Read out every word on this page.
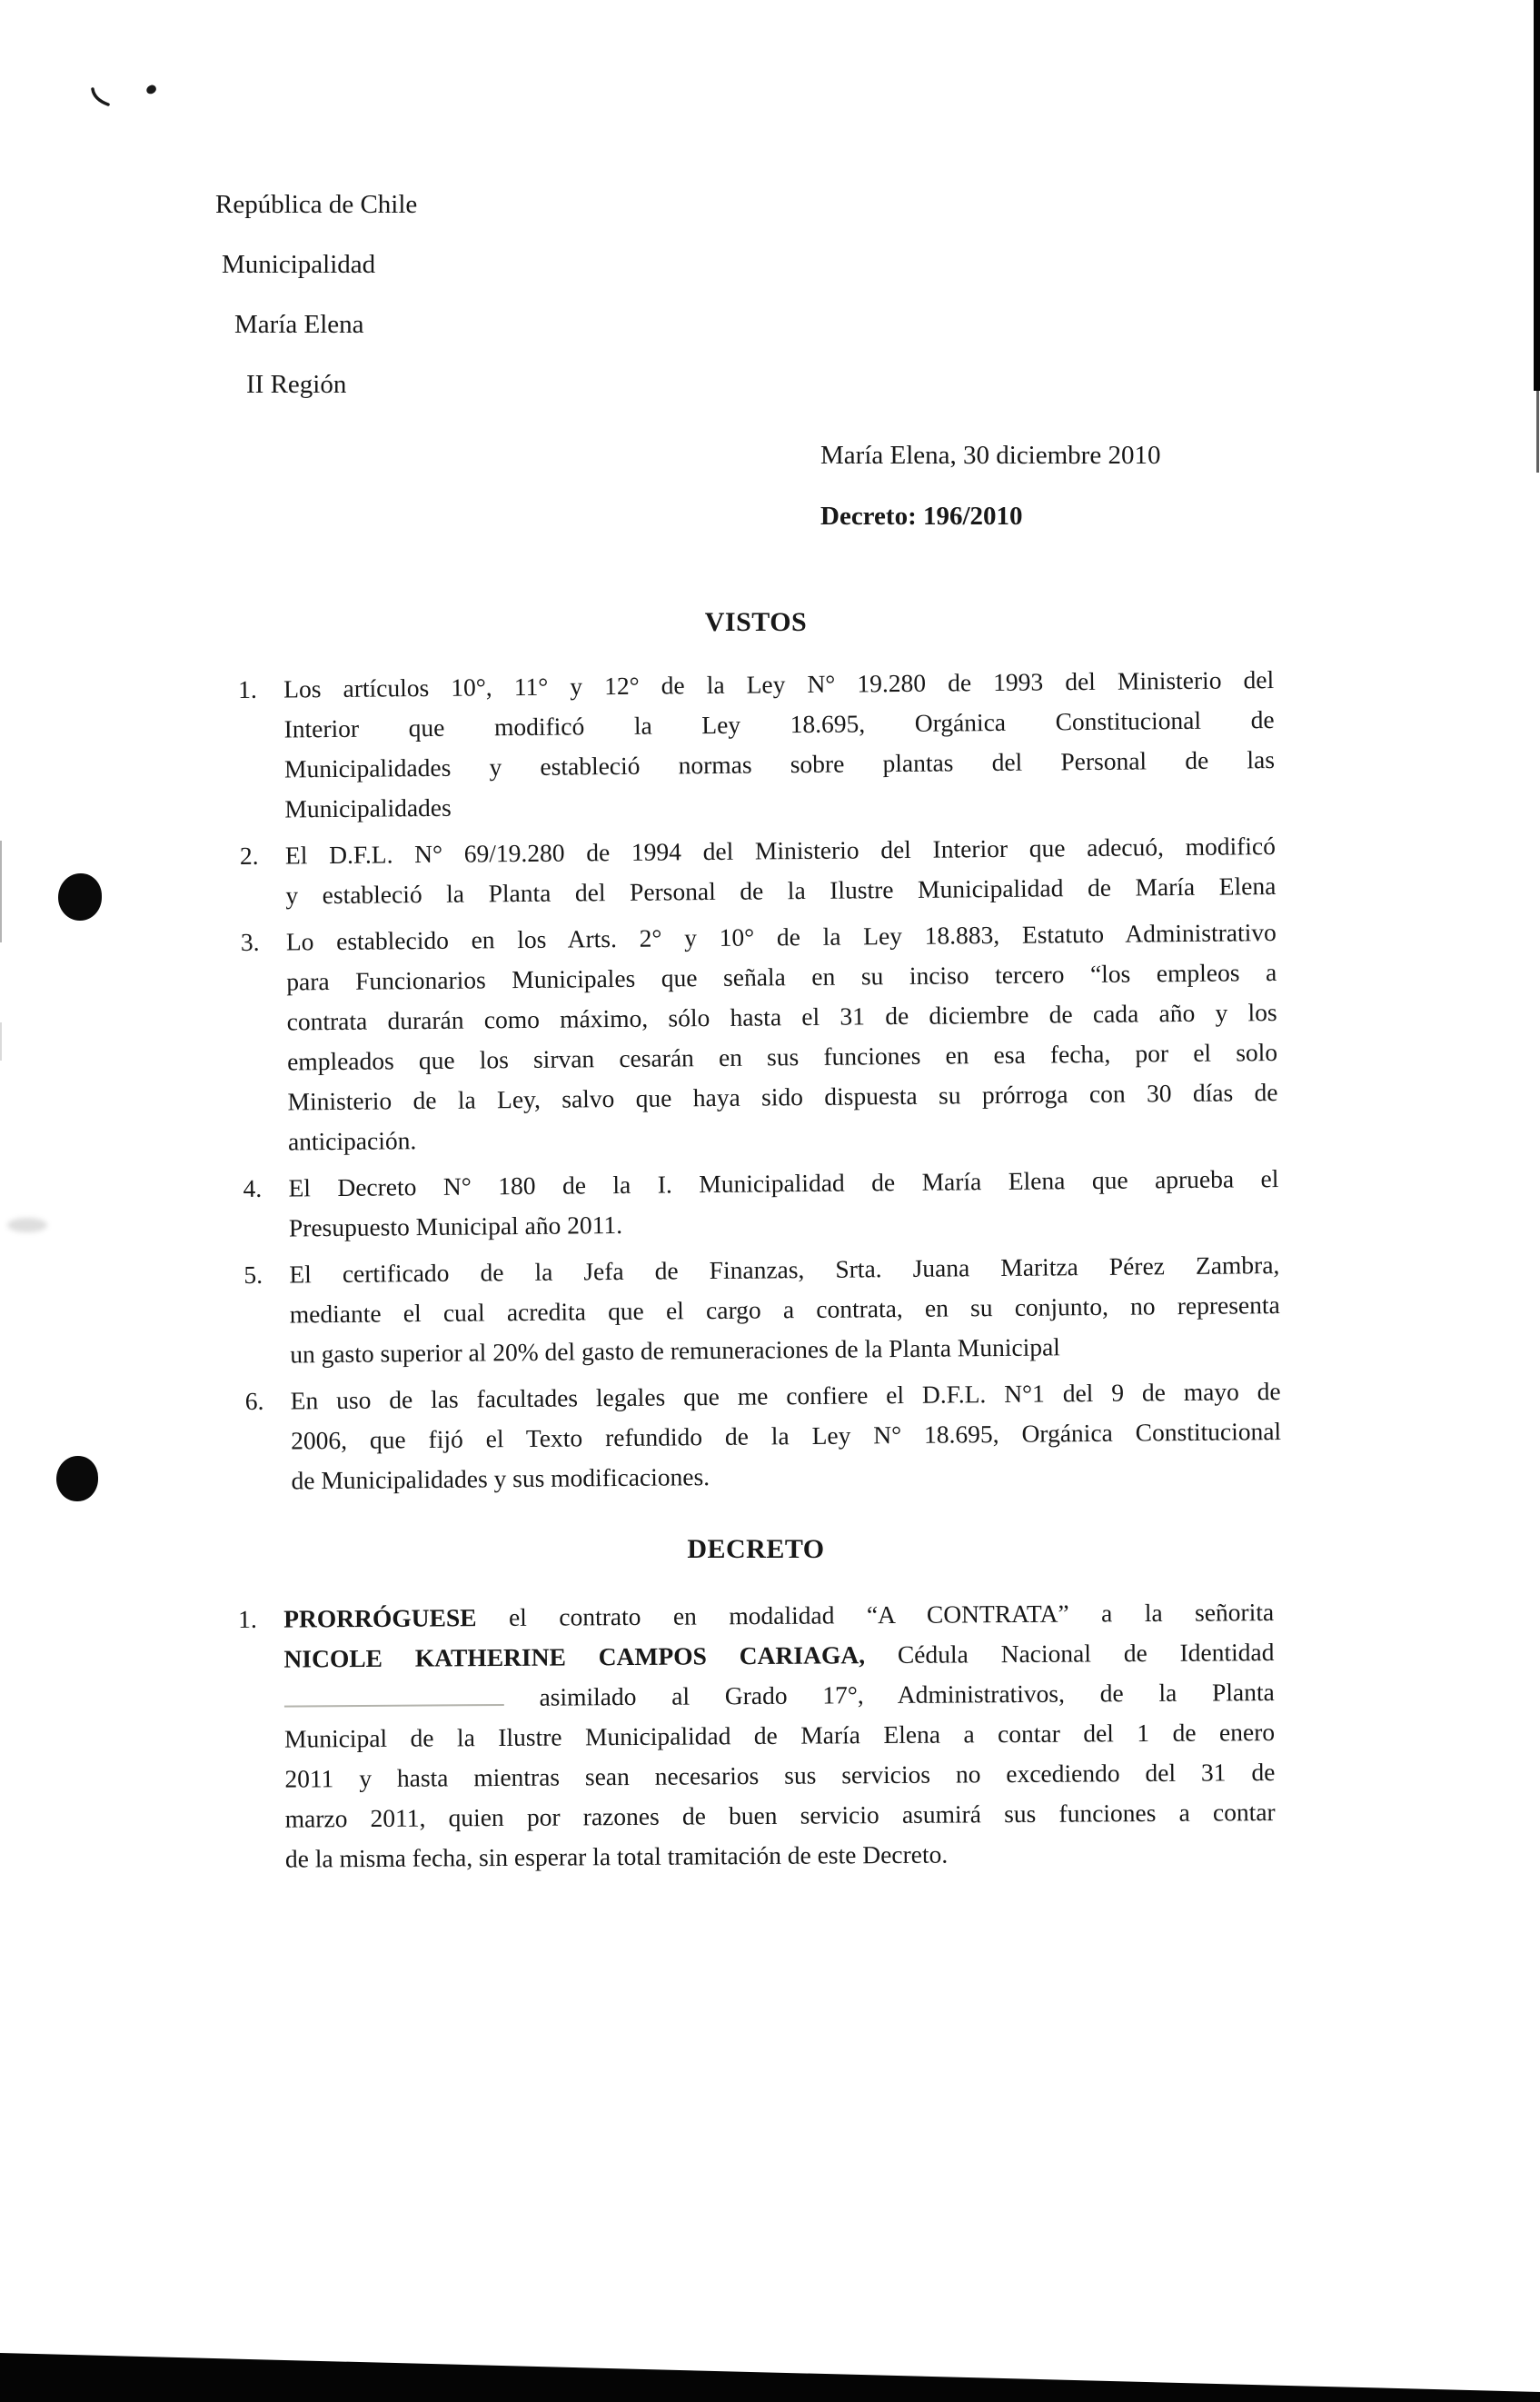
República de Chile
Municipalidad
María Elena
II Región
María Elena, 30 diciembre 2010
Decreto: 196/2010
VISTOS
1.	Los artículos 10°, 11° y 12° de la Ley N° 19.280 de 1993 del Ministerio del
Interior que modificó la Ley 18.695, Orgánica Constitucional de
Municipalidades y estableció normas sobre plantas del Personal de las
Municipalidades
2.	El D.F.L. N° 69/19.280 de 1994 del Ministerio del Interior que adecuó, modificó
y estableció la Planta del Personal de la Ilustre Municipalidad de María Elena
3.	Lo establecido en los Arts. 2° y 10° de la Ley 18.883, Estatuto Administrativo
para Funcionarios Municipales que señala en su inciso tercero “los empleos a
contrata durarán como máximo, sólo hasta el 31 de diciembre de cada año y los
empleados que los sirvan cesarán en sus funciones en esa fecha, por el solo
Ministerio de la Ley, salvo que haya sido dispuesta su prórroga con 30 días de
anticipación.
4.	El Decreto N° 180 de la I. Municipalidad de María Elena que aprueba el
Presupuesto Municipal año 2011.
5.	El certificado de la Jefa de Finanzas, Srta. Juana Maritza Pérez Zambra,
mediante el cual acredita que el cargo a contrata, en su conjunto, no representa
un gasto superior al 20% del gasto de remuneraciones de la Planta Municipal
6.	En uso de las facultades legales que me confiere el D.F.L. N°1 del 9 de mayo de
2006, que fijó el Texto refundido de la Ley N° 18.695, Orgánica Constitucional
de Municipalidades y sus modificaciones.
DECRETO
1.	PRORRÓGUESE el contrato en modalidad “A CONTRATA” a la señorita
NICOLE KATHERINE CAMPOS CARIAGA, Cédula Nacional de Identidad
asimilado al Grado 17°, Administrativos, de la Planta
Municipal de la Ilustre Municipalidad de María Elena a contar del 1 de enero
2011 y hasta mientras sean necesarios sus servicios no excediendo del 31 de
marzo 2011, quien por razones de buen servicio asumirá sus funciones a contar
de la misma fecha, sin esperar la total tramitación de este Decreto.
